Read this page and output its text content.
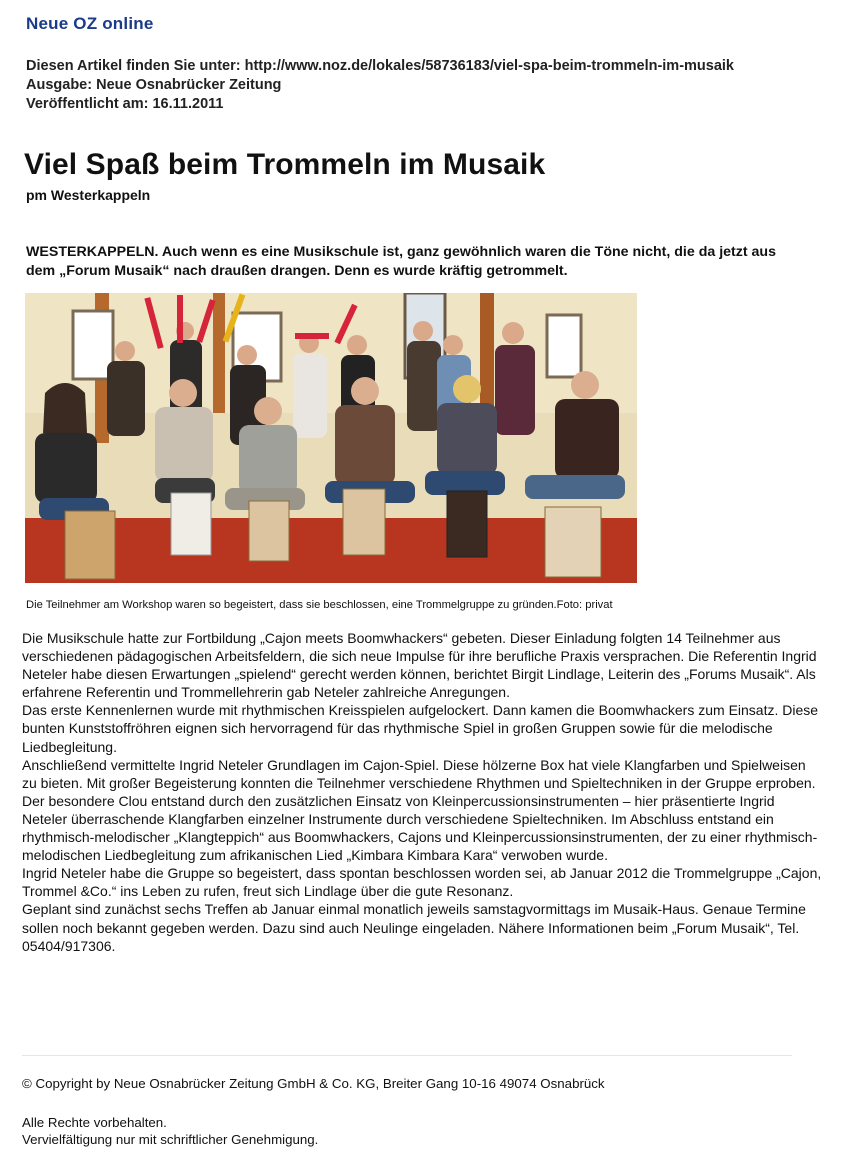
Neue OZ online
Diesen Artikel finden Sie unter: http://www.noz.de/lokales/58736183/viel-spa-beim-trommeln-im-musaik
Ausgabe: Neue Osnabrücker Zeitung
Veröffentlicht am: 16.11.2011
Viel Spaß beim Trommeln im Musaik
pm Westerkappeln
WESTERKAPPELN. Auch wenn es eine Musikschule ist, ganz gewöhnlich waren die Töne nicht, die da jetzt aus dem „Forum Musaik“ nach draußen drangen. Denn es wurde kräftig getrommelt.
Die Teilnehmer am Workshop waren so begeistert, dass sie beschlossen, eine Trommelgruppe zu gründen.Foto: privat

Die Musikschule hatte zur Fortbildung „Cajon meets Boomwhackers“ gebeten. Dieser Einladung folgten 14 Teilnehmer aus verschiedenen pädagogischen Arbeitsfeldern, die sich neue Impulse für ihre berufliche Praxis versprachen. Die Referentin Ingrid Neteler habe diesen Erwartungen „spielend“ gerecht werden können, berichtet Birgit Lindlage, Leiterin des „Forums Musaik“. Als erfahrene Referentin und Trommellehrerin gab Neteler zahlreiche Anregungen.

Das erste Kennenlernen wurde mit rhythmischen Kreisspielen aufgelockert. Dann kamen die Boomwhackers zum Einsatz. Diese bunten Kunststoffröhren eignen sich hervorragend für das rhythmische Spiel in großen Gruppen sowie für die melodische Liedbegleitung.

Anschließend vermittelte Ingrid Neteler Grundlagen im Cajon-Spiel. Diese hölzerne Box hat viele Klangfarben und Spielweisen zu bieten. Mit großer Begeisterung konnten die Teilnehmer verschiedene Rhythmen und Spieltechniken in der Gruppe erproben.

Der besondere Clou entstand durch den zusätzlichen Einsatz von Kleinpercussionsinstrumenten – hier präsentierte Ingrid Neteler überraschende Klangfarben einzelner Instrumente durch verschiedene Spieltechniken. Im Abschluss entstand ein rhythmisch-melodischer „Klangteppich“ aus Boomwhackers, Cajons und Kleinpercussionsinstrumenten, der zu einer rhythmisch-melodischen Liedbegleitung zum afrikanischen Lied „Kimbara Kimbara Kara“ verwoben wurde.

Ingrid Neteler habe die Gruppe so begeistert, dass spontan beschlossen worden sei, ab Januar 2012 die Trommelgruppe „Cajon, Trommel &Co.“ ins Leben zu rufen, freut sich Lindlage über die gute Resonanz.

Geplant sind zunächst sechs Treffen ab Januar einmal monatlich jeweils samstagvormittags im Musaik-Haus. Genaue Termine sollen noch bekannt gegeben werden. Dazu sind auch Neulinge eingeladen. Nähere Informationen beim „Forum Musaik“, Tel. 05404/917306.

© Copyright by Neue Osnabrücker Zeitung GmbH & Co. KG, Breiter Gang 10-16 49074 Osnabrück
Alle Rechte vorbehalten.
Vervielfältigung nur mit schriftlicher Genehmigung.
